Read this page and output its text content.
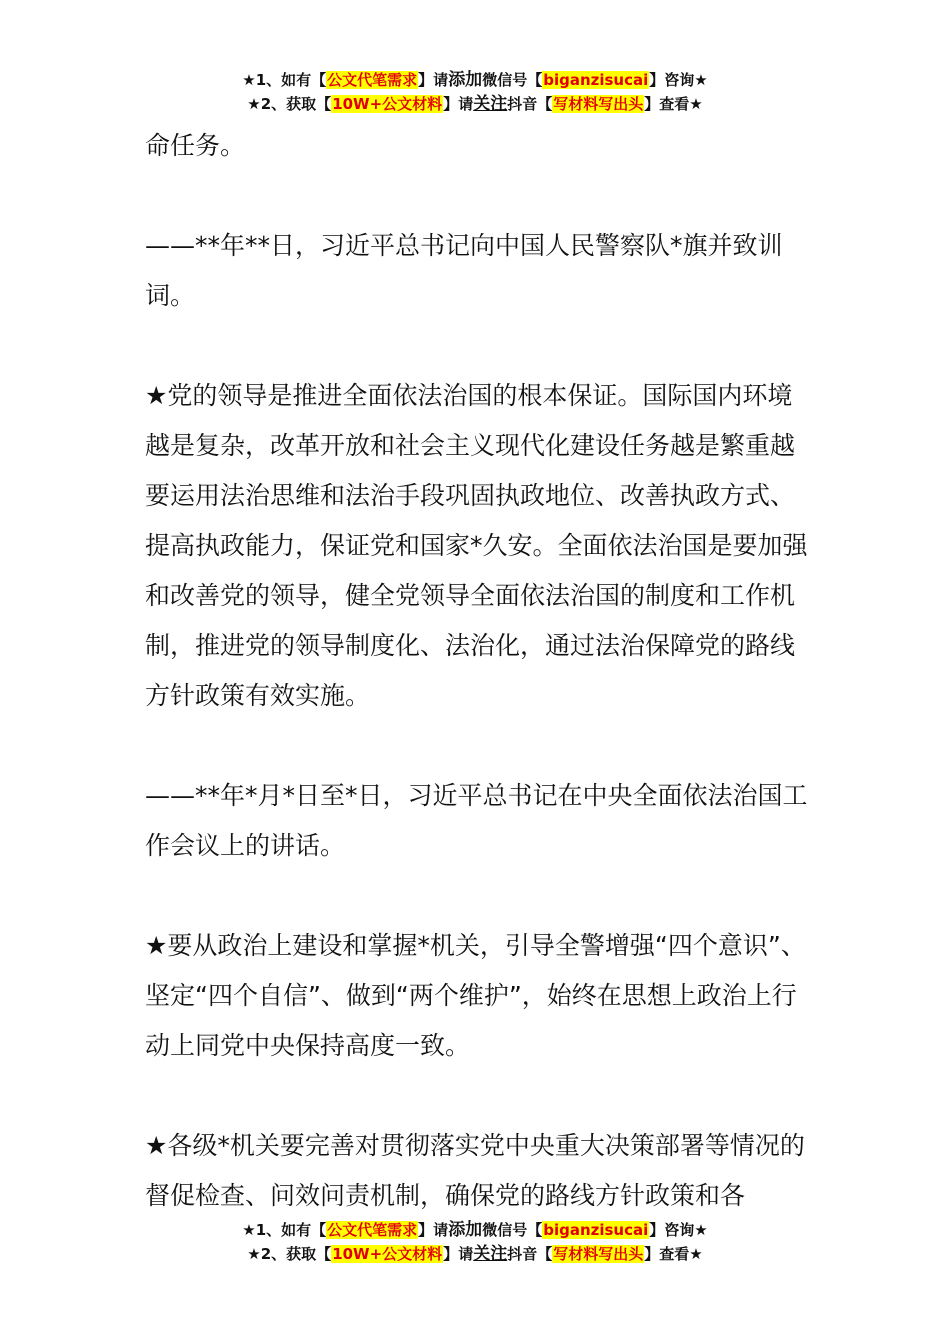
★1、如有【公文代笔需求】请添加微信号【biganzisucai】咨询★
★2、获取【10W+公文材料】请关注抖音【写材料写出头】查看★

命任务。

——**年**日，习近平总书记向中国人民警察队*旗并致训词。

★党的领导是推进全面依法治国的根本保证。国际国内环境越是复杂，改革开放和社会主义现代化建设任务越是繁重越要运用法治思维和法治手段巩固执政地位、改善执政方式、提高执政能力，保证党和国家*久安。全面依法治国是要加强和改善党的领导，健全党领导全面依法治国的制度和工作机制，推进党的领导制度化、法治化，通过法治保障党的路线方针政策有效实施。

——**年*月*日至*日，习近平总书记在中央全面依法治国工作会议上的讲话。

★要从政治上建设和掌握*机关，引导全警增强“四个意识”、坚定“四个自信”、做到“两个维护”，始终在思想上政治上行动上同党中央保持高度一致。

★各级*机关要完善对贯彻落实党中央重大决策部署等情况的督促检查、问效问责机制，确保党的路线方针政策和各

★1、如有【公文代笔需求】请添加微信号【biganzisucai】咨询★
★2、获取【10W+公文材料】请关注抖音【写材料写出头】查看★
